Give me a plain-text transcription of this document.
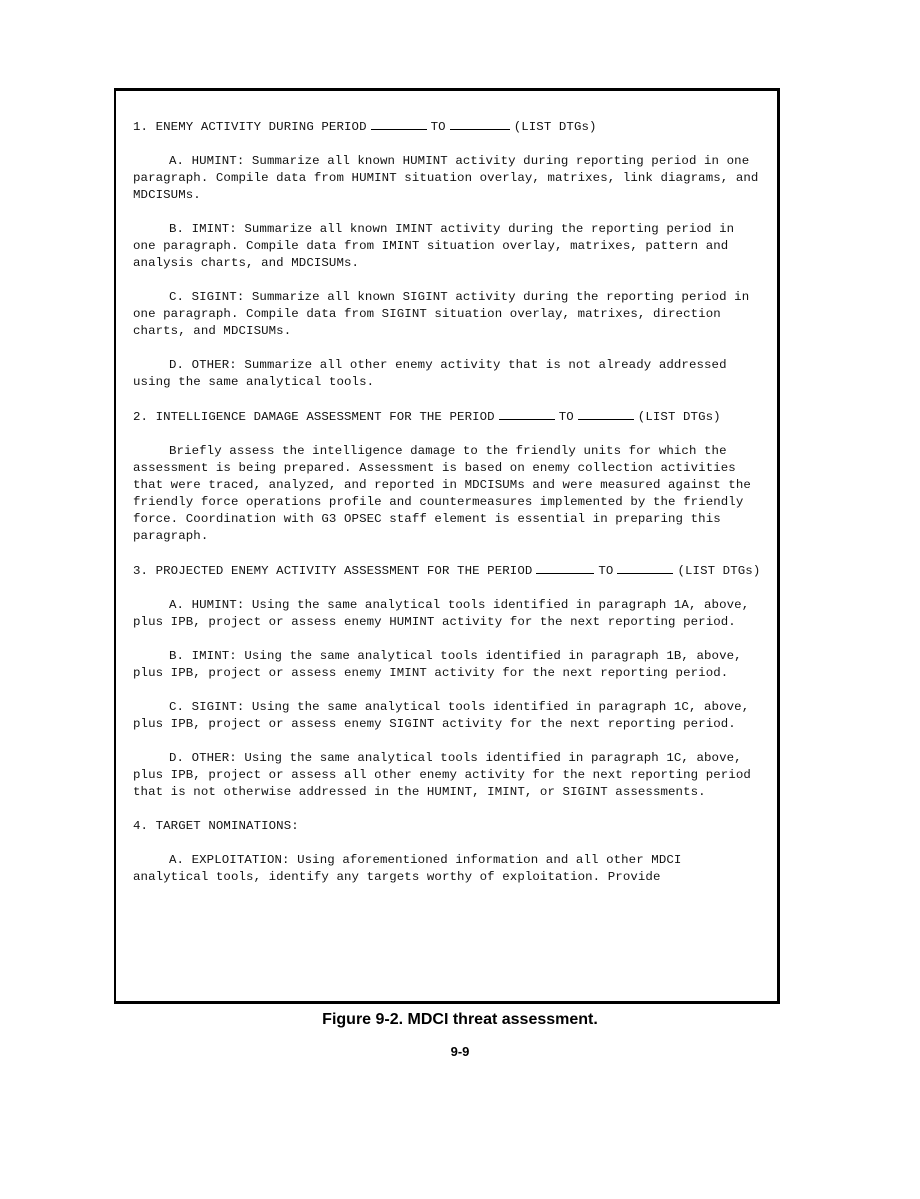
1. ENEMY ACTIVITY DURING PERIOD	TO	(LIST DTGs)

A. HUMINT: Summarize all known HUMINT activity during reporting period in one paragraph. Compile data from HUMINT situation overlay, matrixes, link diagrams, and MDCISUMs.

B. IMINT: Summarize all known IMINT activity during the reporting period in one paragraph. Compile data from IMINT situation overlay, matrixes, pattern and analysis charts, and MDCISUMs.

C. SIGINT: Summarize all known SIGINT activity during the reporting period in one paragraph. Compile data from SIGINT situation overlay, matrixes, direction charts, and MDCISUMs.

D. OTHER: Summarize all other enemy activity that is not already addressed using the same analytical tools.

2. INTELLIGENCE DAMAGE ASSESSMENT FOR THE PERIOD	TO	(LIST DTGs)

Briefly assess the intelligence damage to the friendly units for which the assessment is being prepared. Assessment is based on enemy collection activities that were traced, analyzed, and reported in MDCISUMs and were measured against the friendly force operations profile and countermeasures implemented by the friendly force. Coordination with G3 OPSEC staff element is essential in preparing this paragraph.

3. PROJECTED ENEMY ACTIVITY ASSESSMENT FOR THE PERIOD	TO	(LIST DTGs)

A. HUMINT: Using the same analytical tools identified in paragraph 1A, above, plus IPB, project or assess enemy HUMINT activity for the next reporting period.

B. IMINT: Using the same analytical tools identified in paragraph 1B, above, plus IPB, project or assess enemy IMINT activity for the next reporting period.

C. SIGINT: Using the same analytical tools identified in paragraph 1C, above, plus IPB, project or assess enemy SIGINT activity for the next reporting period.

D. OTHER: Using the same analytical tools identified in paragraph 1C, above, plus IPB, project or assess all other enemy activity for the next reporting period that is not otherwise addressed in the HUMINT, IMINT, or SIGINT assessments.

4. TARGET NOMINATIONS:

A. EXPLOITATION: Using aforementioned information and all other MDCI analytical tools, identify any targets worthy of exploitation. Provide

Figure 9-2. MDCI threat assessment.
9-9
